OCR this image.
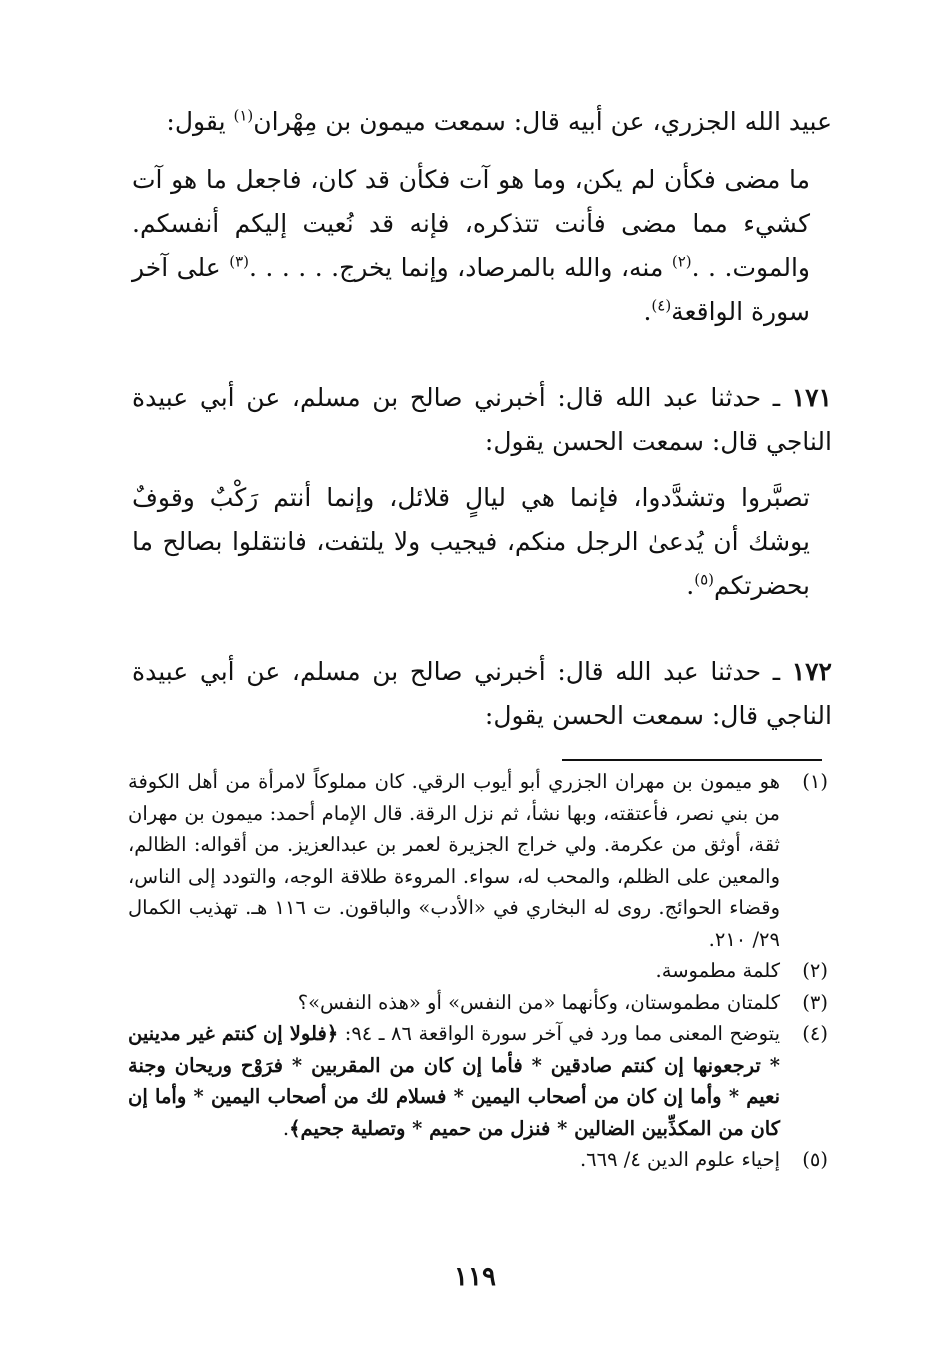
عبيد الله الجزري، عن أبيه قال: سمعت ميمون بن مِهْران$^{(١)}$ يقول:

ما مضى فكأن لم يكن، وما هو آت فكأن قد كان، فاجعل ما هو آت كشيء مما مضى فأنت تتذكره، فإنه قد نُعيت إليكم أنفسكم. والموت. . .$^{(٢)}$ منه، والله بالمرصاد، وإنما يخرج. . . . . .$^{(٣)}$ على آخر سورة الواقعة$^{(٤)}$.

١٧١ ـ حدثنا عبد الله قال: أخبرني صالح بن مسلم، عن أبي عبيدة الناجي قال: سمعت الحسن يقول:

تصبَّروا وتشدَّدوا، فإنما هي ليالٍ قلائل، وإنما أنتم رَكْبٌ وقوفٌ يوشك أن يُدعىٰ الرجل منكم، فيجيب ولا يلتفت، فانتقلوا بصالح ما بحضرتكم$^{(٥)}$.

١٧٢ ـ حدثنا عبد الله قال: أخبرني صالح بن مسلم، عن أبي عبيدة الناجي قال: سمعت الحسن يقول:

(١)
هو ميمون بن مهران الجزري أبو أيوب الرقي. كان مملوكاً لامرأة من أهل الكوفة من بني نصر، فأعتقته، وبها نشأ، ثم نزل الرقة. قال الإمام أحمد: ميمون بن مهران ثقة، أوثق من عكرمة. ولي خراج الجزيرة لعمر بن عبدالعزيز. من أقواله: الظالم، والمعين على الظلم، والمحب له، سواء. المروءة طلاقة الوجه، والتودد إلى الناس، وقضاء الحوائج. روى له البخاري في «الأدب» والباقون. ت ١١٦ هـ. تهذيب الكمال ٢٩/ ٢١٠.
(٢)
كلمة مطموسة.
(٣)
كلمتان مطموستان، وكأنهما «من النفس» أو «هذه النفس»؟
(٤)
يتوضح المعنى مما ورد في آخر سورة الواقعة ٨٦ ـ ٩٤: ﴿فلولا إن كنتم غير مدينين * ترجعونها إن كنتم صادقين * فأما إن كان من المقربين * فرَوْح وريحان وجنة نعيم * وأما إن كان من أصحاب اليمين * فسلام لك من أصحاب اليمين * وأما إن كان من المكذِّبين الضالين * فنزل من حميم * وتصلية جحيم﴾.
(٥)
إحياء علوم الدين ٤/ ٦٦٩.
١١٩
